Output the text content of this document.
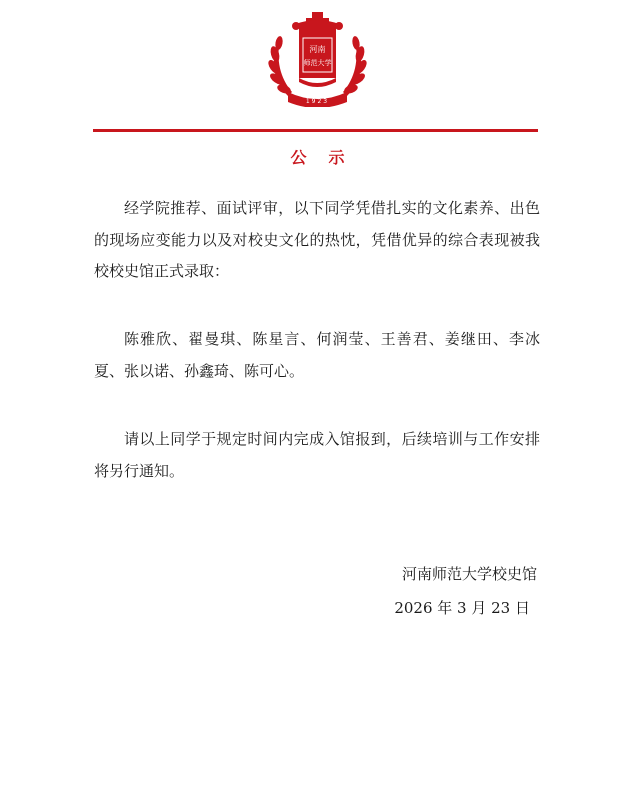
河南
师范大学
1923
公示

经学院推荐、面试评审，以下同学凭借扎实的文化素养、出色的现场应变能力以及对校史文化的热忱，凭借优异的综合表现被我校校史馆正式录取：

陈雅欣、翟曼琪、陈星言、何润莹、王善君、姜继田、李冰夏、张以诺、孙鑫琦、陈可心。

请以上同学于规定时间内完成入馆报到，后续培训与工作安排将另行通知。

河南师范大学校史馆
2026 年 3 月 23 日
